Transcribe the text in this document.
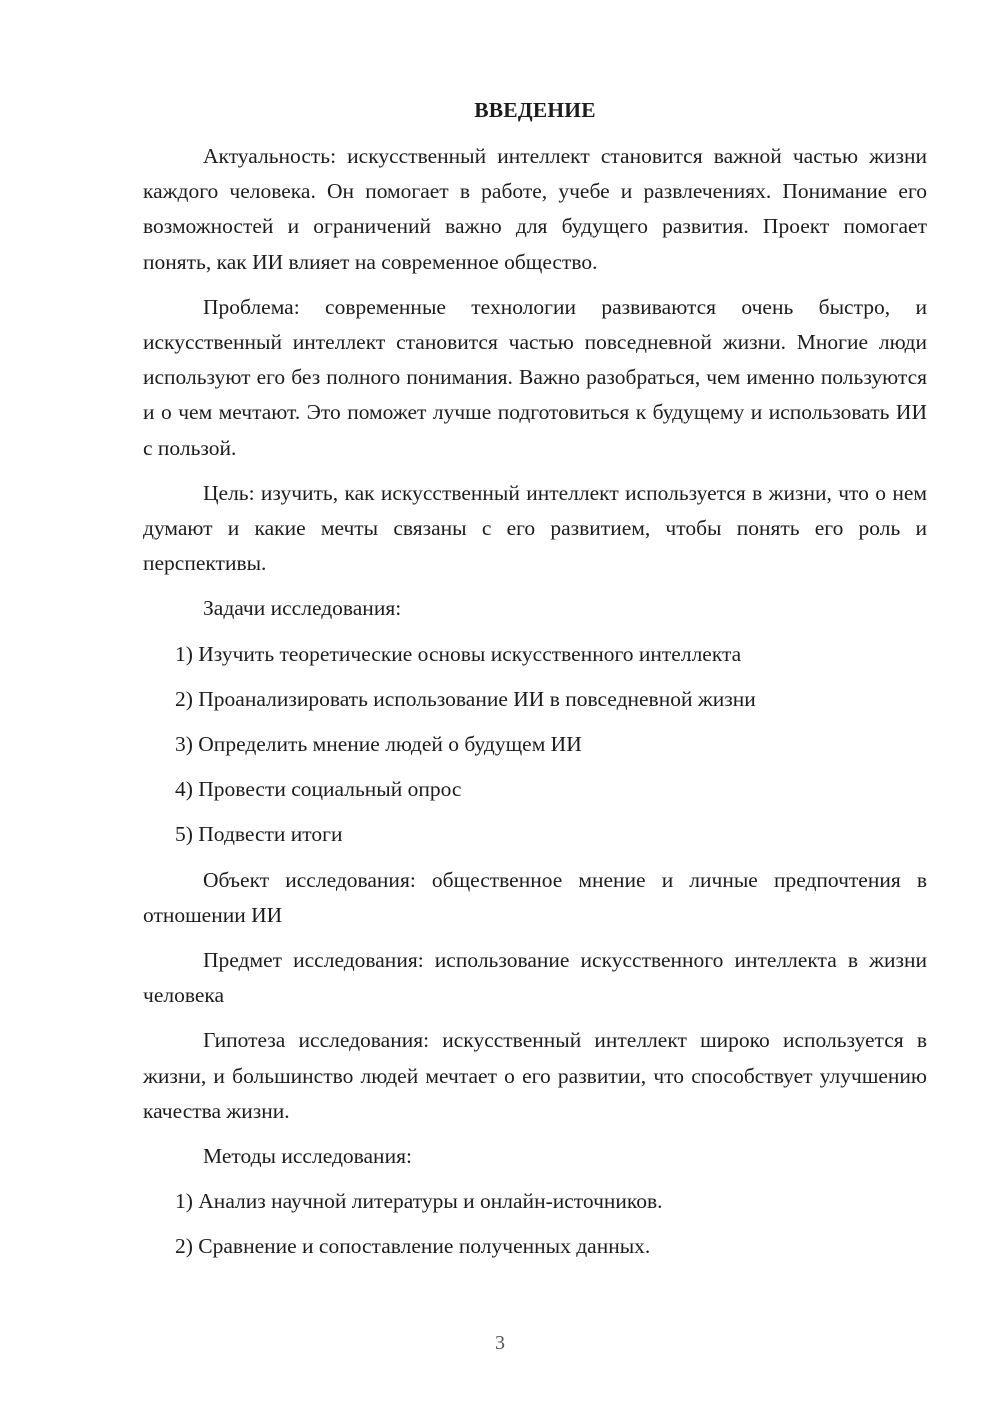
ВВЕДЕНИЕ

Актуальность: искусственный интеллект становится важной частью жизни каждого человека. Он помогает в работе, учебе и развлечениях. Понимание его возможностей и ограничений важно для будущего развития. Проект помогает понять, как ИИ влияет на современное общество.

Проблема: современные технологии развиваются очень быстро, и искусственный интеллект становится частью повседневной жизни. Многие люди используют его без полного понимания. Важно разобраться, чем именно пользуются и о чем мечтают. Это поможет лучше подготовиться к будущему и использовать ИИ с пользой.

Цель: изучить, как искусственный интеллект используется в жизни, что о нем думают и какие мечты связаны с его развитием, чтобы понять его роль и перспективы.

Задачи исследования:

1) Изучить теоретические основы искусственного интеллекта

2) Проанализировать использование ИИ в повседневной жизни

3) Определить мнение людей о будущем ИИ

4) Провести социальный опрос

5) Подвести итоги

Объект исследования: общественное мнение и личные предпочтения в отношении ИИ

Предмет исследования: использование искусственного интеллекта в жизни человека

Гипотеза исследования: искусственный интеллект широко используется в жизни, и большинство людей мечтает о его развитии, что способствует улучшению качества жизни.

Методы исследования:

1) Анализ научной литературы и онлайн-источников.

2) Сравнение и сопоставление полученных данных.

3
